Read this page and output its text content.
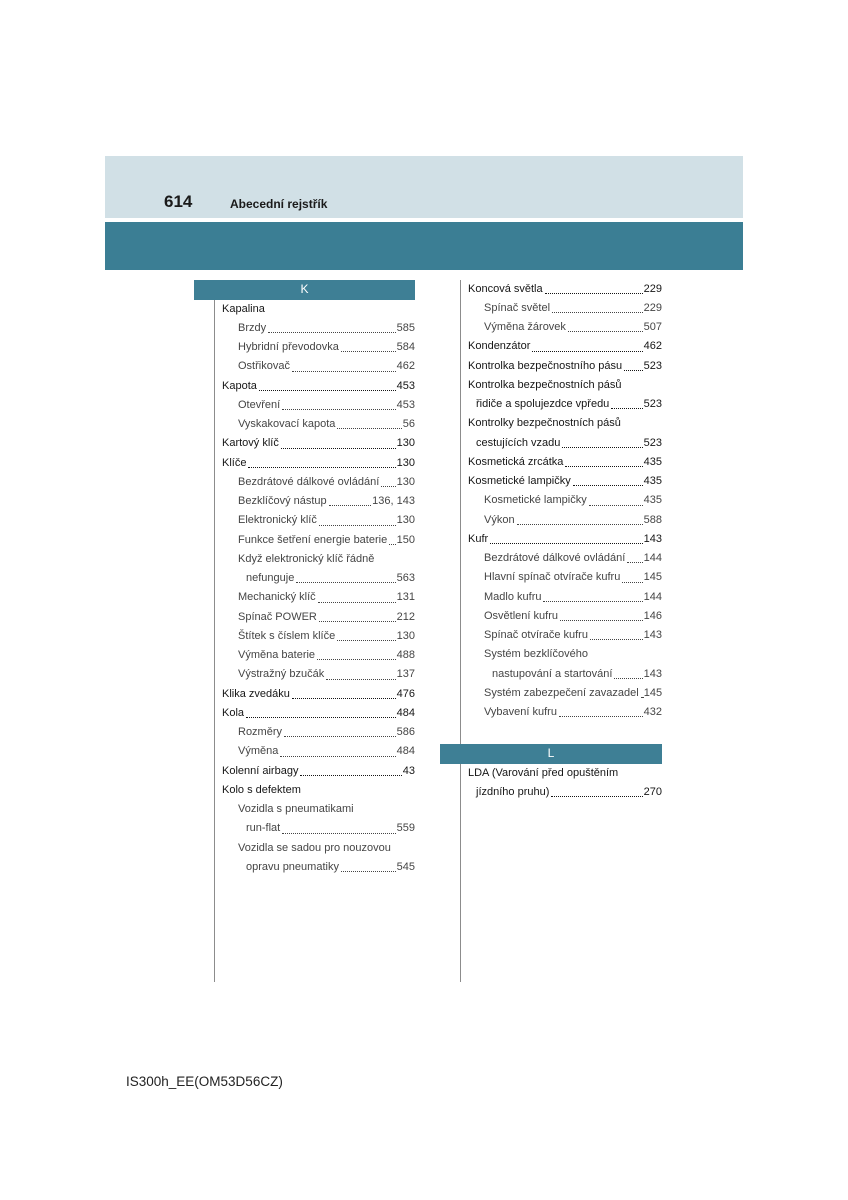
614	Abecední rejstřík
K
Kapalina
Brzdy	585
Hybridní převodovka	584
Ostřikovač	462
Kapota	453
Otevření	453
Vyskakovací kapota	56
Kartový klíč	130
Klíče	130
Bezdrátové dálkové ovládání 130
Bezklíčový nástup	136, 143
Elektronický klíč	130
Funkce šetření energie baterie 150
Když elektronický klíč řádně
nefunguje	563
Mechanický klíč	131
Spínač POWER	212
Štítek s číslem klíče	130
Výměna baterie	488
Výstražný bzučák	137
Klika zvedáku	476
Kola	484
Rozměry	586
Výměna	484
Kolenní airbagy	43
Kolo s defektem
Vozidla s pneumatikami
run-flat	559
Vozidla se sadou pro nouzovou
opravu pneumatiky	545
Koncová světla	229
Spínač světel	229
Výměna žárovek	507
Kondenzátor	462
Kontrolka bezpečnostního pásu 523
Kontrolka bezpečnostních pásů
řidiče a spolujezdce vpředu	523
Kontrolky bezpečnostních pásů
cestujících vzadu	523
Kosmetická zrcátka	435
Kosmetické lampičky	435
Kosmetické lampičky	435
Výkon	588
Kufr	143
Bezdrátové dálkové ovládání 144
Hlavní spínač otvírače kufru 145
Madlo kufru	144
Osvětlení kufru	146
Spínač otvírače kufru	143
Systém bezklíčového
nastupování a startování	143
Systém zabezpečení zavazadel 145
Vybavení kufru	432
L
LDA (Varování před opuštěním
jízdního pruhu)	270
IS300h_EE(OM53D56CZ)
